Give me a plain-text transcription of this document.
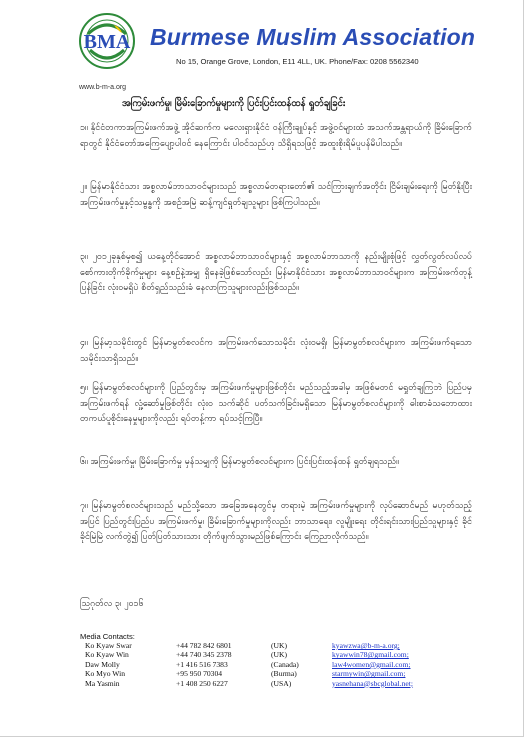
BMA Burmese Muslim Association
No 15, Orange Grove, London, E11 4LL, UK. Phone/Fax: 0208 5562340
www.b-m-a.org
အကြမ်းဖက်မှု၊ မြိမ်းခြောက်မှုများကို ပြင်းပြင်းထန်ထန် ရှုတ်ချခြင်း
၁။ နိုင်ငံတကာအကြမ်းဖက်အဖွဲ့ အိုင်ဆက်က မလေးရှားနိုင်ငံ ဝန်ကြီးချုပ်နှင့် အဖွဲ့ဝင်များထံ အသက်အန္တရာယ်ကို ခြိမ်းခြောက်ရာတွင် နိုင်ငံတော်အကြေပျော့ပါဝင် နေကြောင်း ပါဝင်သည်ဟု သိရှိရသဖြင့် အထူးစိုးရိမ်ပူပန်မိပါသည်။
၂။ မြန်မာနိုင်ငံသား အစ္စလာမ်ဘာသာဝင်များသည် အစ္စလာမ်တရားတော်၏ သင်ကြားချက်အတိုင်း ငြိမ်းချမ်းရေးကို မြတ်နိုးပြီး အကြမ်းဖက်မှုနှင့်သမ္ဗန္ဓကို အစဉ်အမြဲ ဆန့်ကျင်ရှုတ်ချသူများ ဖြစ်ကြပါသည်။
၃။ ၂၀၁၂ခုနှစ်မှစ၍ ယနေ့တိုင်အောင် အစ္စလာမ်ဘာသာဝင်များနှင့် အစ္စလာမ်ဘာသာကို နည်းမျိုးစုံဖြင့် လွှတ်လွတ်လပ်လပ် စော်ကားတိုက်ခိုက်မှုများ နေ့စဉ်နဲ့အမျှ ရှိနေခဲ့ဖြစ်သော်လည်း မြန်မာနိုင်ငံသား အစ္စလာမ်ဘာသာဝင်များက အကြမ်းဖက်တုန့်ပြန်ခြင်း လုံးဝမရှိပဲ စိတ်ရှည်သည်းခံ နေလာကြသူများလည်းဖြစ်သည်။
၄။ မြန်မာ့သမိုင်းတွင် မြန်မာမွတ်စလင်က အကြမ်းဖက်သောသမိုင်း လုံးဝမရှိ၊ မြန်မာမွတ်စလင်များက အကြမ်းဖက်ရသော သမိုင်းသာရှိသည်။
၅။ မြန်မာမွတ်စလင်များကို ပြည်တွင်းမှ အကြမ်းဖက်မှုများဖြစ်တိုင်း မည်သည့်အခါမှ အဖြစ်မတင် မရှုတ်ချကြဘဲ ပြည်ပမှ အကြမ်းဖက်ရန် လှုံ့ဆော်မှုဖြစ်တိုင်း လုံးဝ သက်ဆိုင် ပတ်သက်ခြင်းမရှိသော မြန်မာမွတ်စလင်များကို ဓါးစာခံသဘောထား တကယ်ပူစိုင်းနေမှုများကိုလည်း ရပ်တန့်ကာ ရပ်သင့်ကြပြီ။
၆။ အကြမ်းဖက်မှု၊ မြိမ်းခြောက်မှု မှန်သမျှကို မြန်မာမွတ်စလင်များက ပြင်းပြင်းထန်ထန် ရှုတ်ချရသည်။
၇။ မြန်မာမွတ်စလင်များသည် မည်သို့သော အခြေအနေတွင်မှ တရားမဲ့ အကြမ်းဖက်မှုများကို လုပ်ဆောင်မည် မဟုတ်သည့်အပြင် ပြည်တွင်းပြည်ပ အကြမ်းဖက်မှု၊ ခြိမ်းခြောက်မှုများကိုလည်း ဘာသာရေး၊ လူမျိုးရေး တိုင်းရင်းသားပြည်သူများနှင့် ခိုင်ခိုင်မြဲမြဲ လက်တွဲ၍ ပြတ်ပြတ်သားသား တိုက်ဖျက်သွားမည်ဖြစ်ကြောင်း ကြေညာလိုက်သည်။
ဩဂုတ်လ ၃၊ ၂၀၁၆
Media Contacts:
Ko Kyaw Swar	+44 782 842 6801	(UK)	kyawzwa@b-m-a.org;
Ko Kyaw Win	+44 740 345 2378	(UK)	kyawwin78@gmail.com;
Daw Molly	+1 416 516 7383	(Canada)	law4women@gmail.com;
Ko Myo Win	+95 950 70304	(Burma)	starmywin@gmail.com;
Ma Yasmin	+1 408 250 6227	(USA)	yasnehana@sbcglobal.net;
